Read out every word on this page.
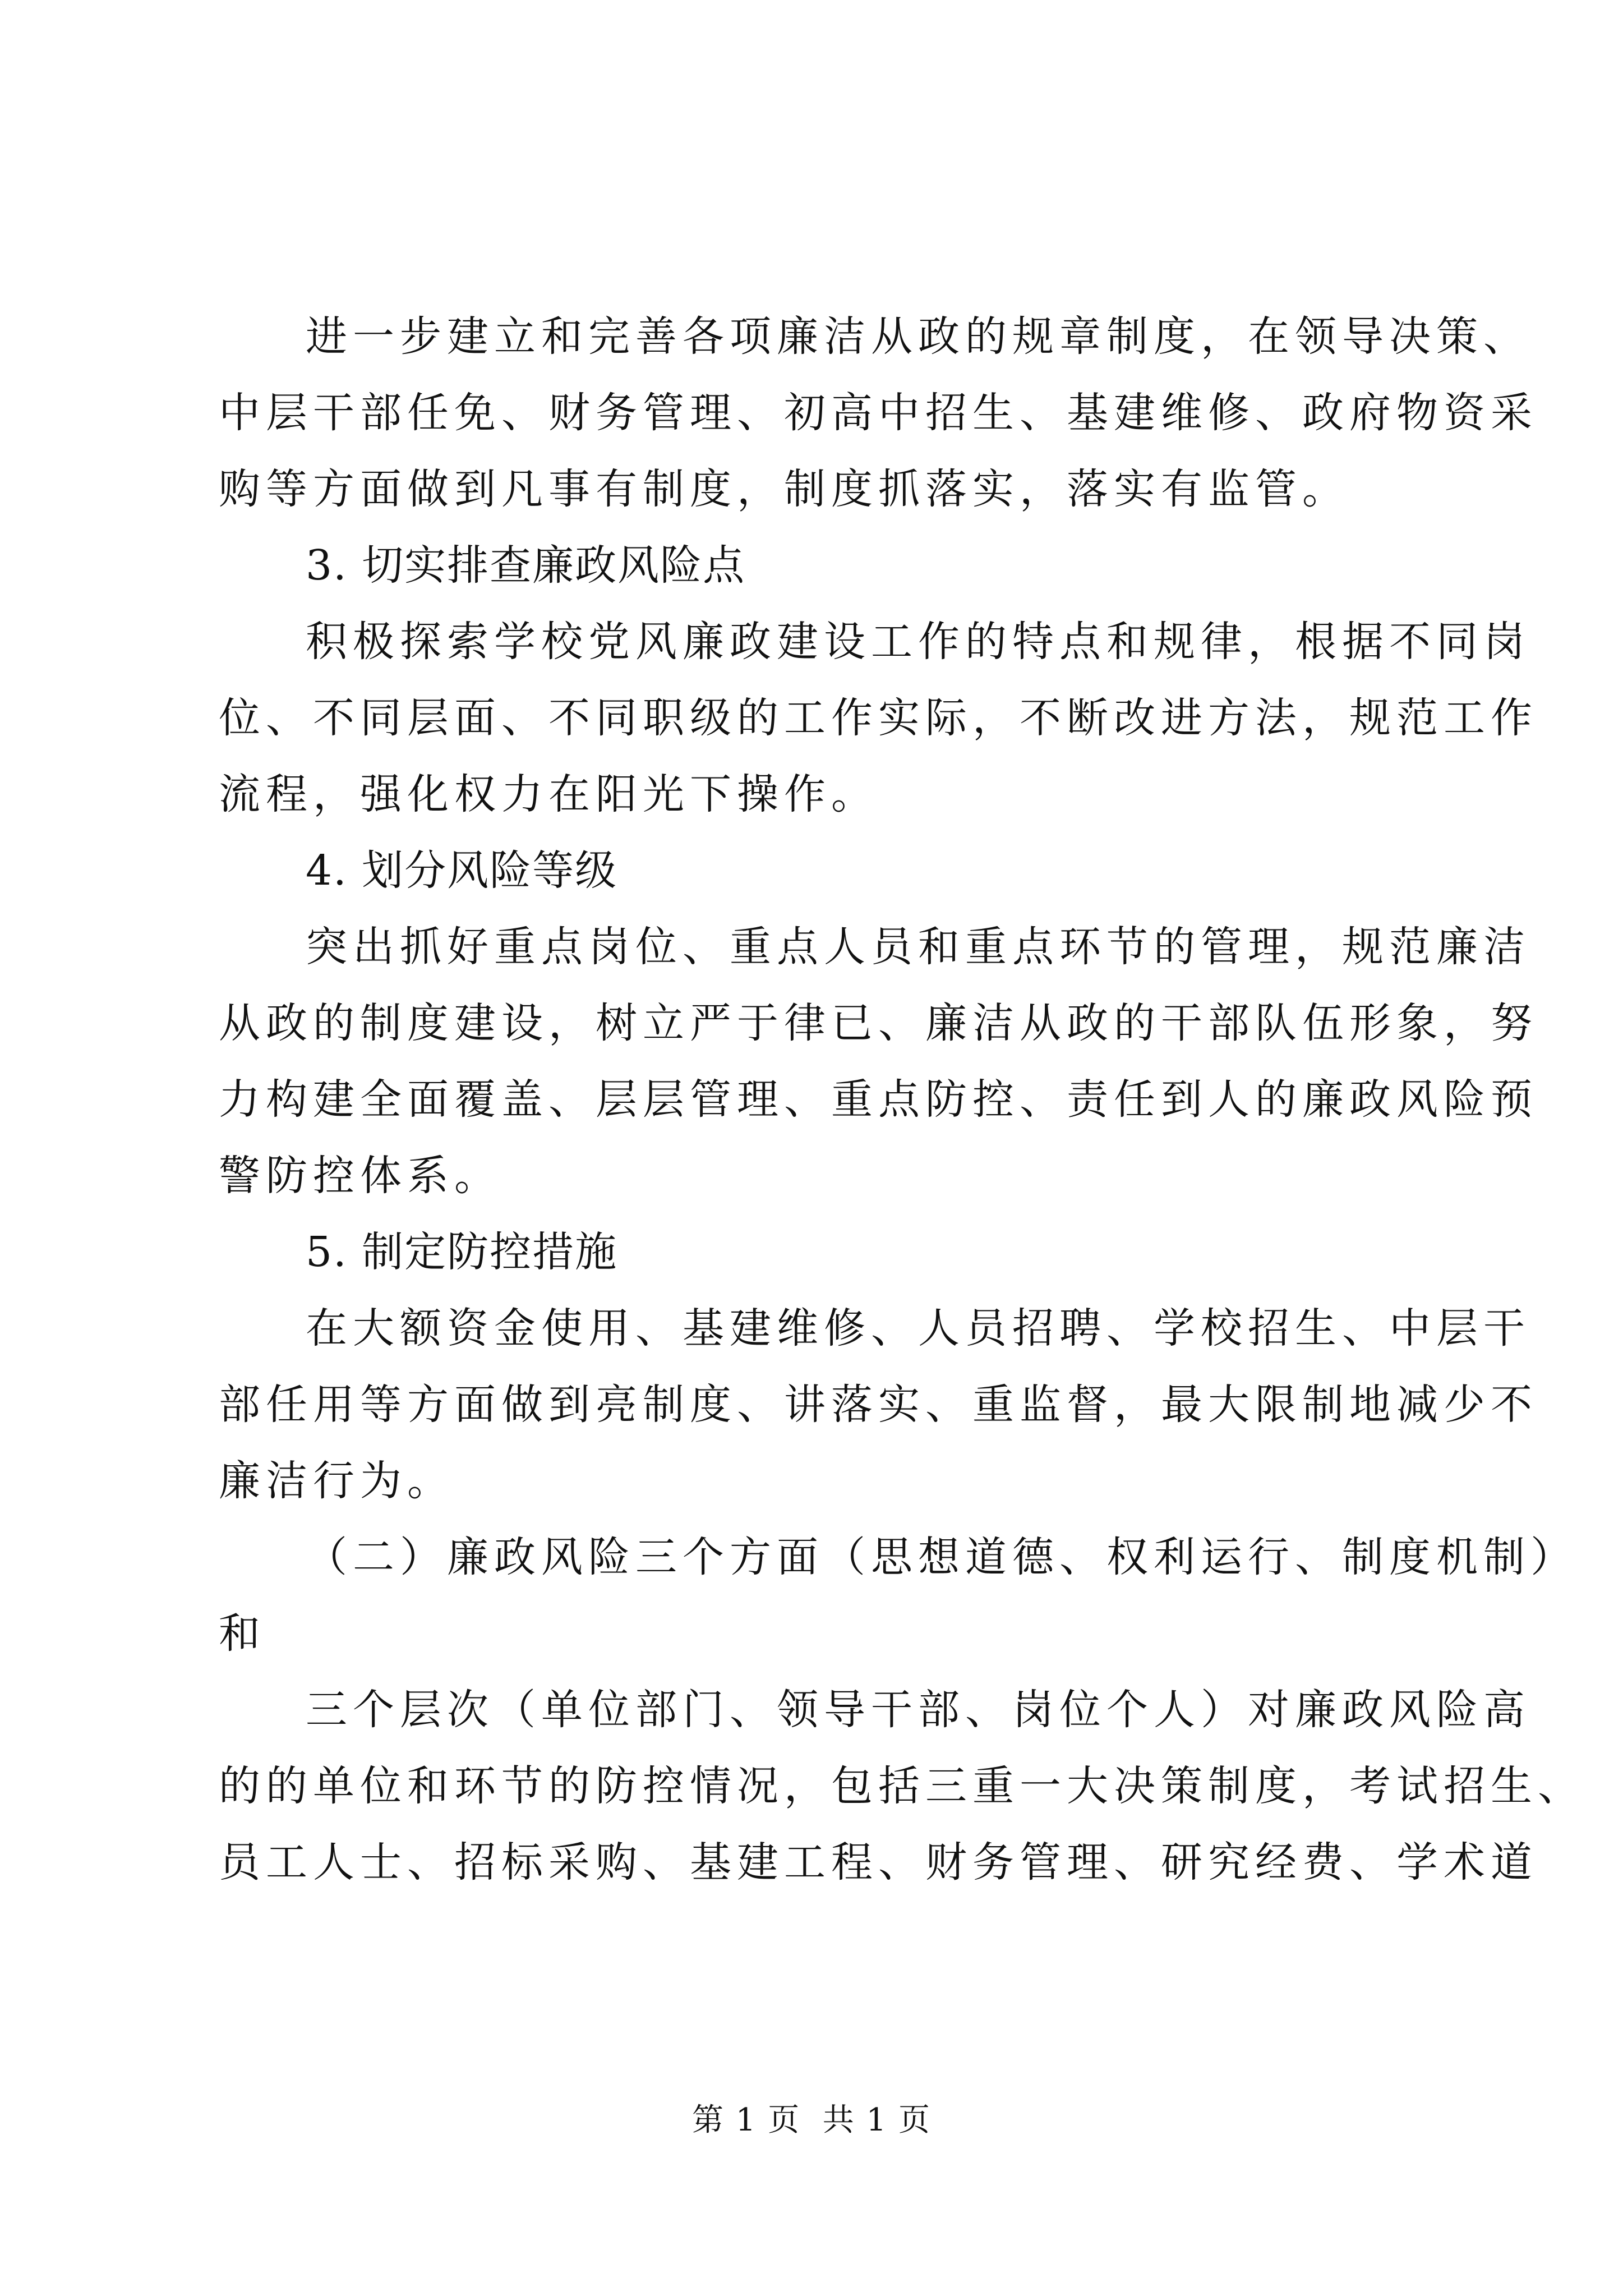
进一步建立和完善各项廉洁从政的规章制度，在领导决策、
中层干部任免、财务管理、初高中招生、基建维修、政府物资采
购等方面做到凡事有制度，制度抓落实，落实有监管。
3. 切实排查廉政风险点
积极探索学校党风廉政建设工作的特点和规律，根据不同岗
位、不同层面、不同职级的工作实际，不断改进方法，规范工作
流程，强化权力在阳光下操作。
4. 划分风险等级
突出抓好重点岗位、重点人员和重点环节的管理，规范廉洁
从政的制度建设，树立严于律已、廉洁从政的干部队伍形象，努
力构建全面覆盖、层层管理、重点防控、责任到人的廉政风险预
警防控体系。
5. 制定防控措施
在大额资金使用、基建维修、人员招聘、学校招生、中层干
部任用等方面做到亮制度、讲落实、重监督，最大限制地减少不
廉洁行为。
（二）廉政风险三个方面（思想道德、权利运行、制度机制）
和
三个层次（单位部门、领导干部、岗位个人）对廉政风险高
的的单位和环节的防控情况，包括三重一大决策制度，考试招生、
员工人士、招标采购、基建工程、财务管理、研究经费、学术道
第 1 页  共 1 页
